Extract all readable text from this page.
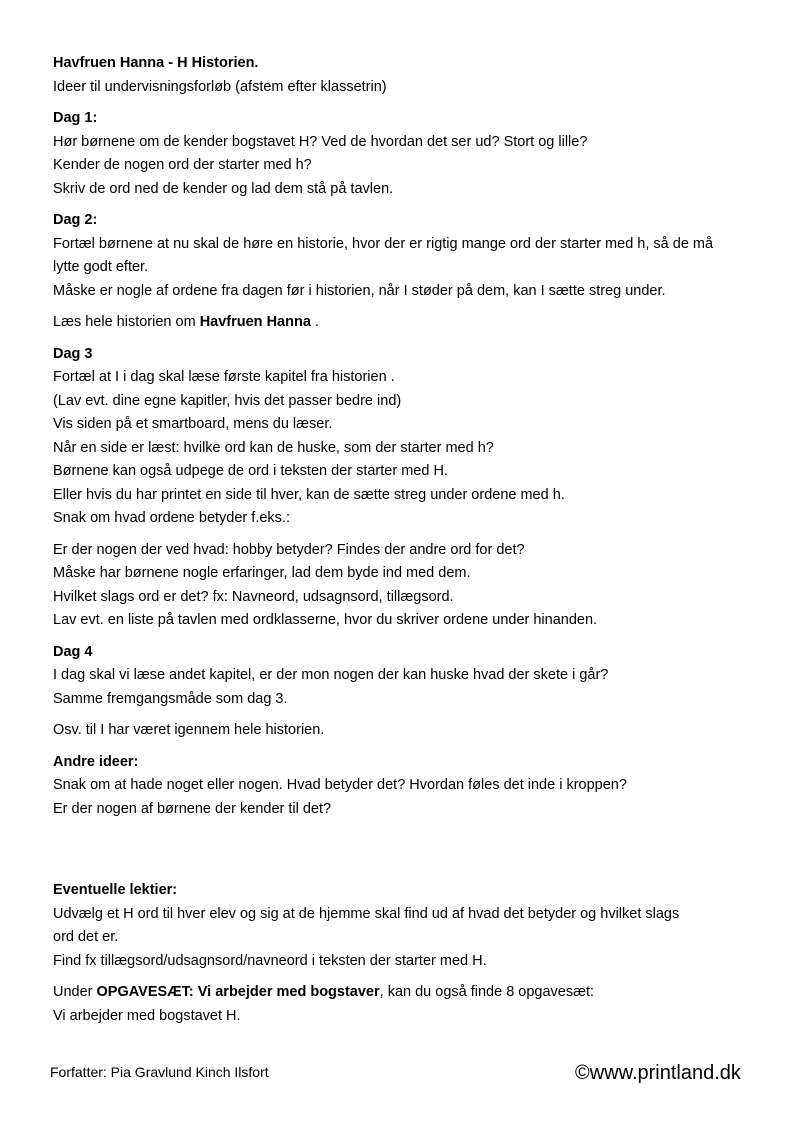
Havfruen Hanna - H Historien.

Ideer til undervisningsforløb (afstem efter klassetrin)

Dag 1:

Hør børnene om de kender bogstavet H? Ved de hvordan det ser ud? Stort og lille?

Kender de nogen ord der starter med h?

Skriv de ord ned de kender og lad dem stå på tavlen.

Dag 2:

Fortæl børnene at nu skal de høre en historie, hvor der er rigtig mange ord der starter med h, så de må

lytte godt efter.

Måske er nogle af ordene fra dagen før i historien, når I støder på dem, kan I sætte streg under.

Læs hele historien om Havfruen Hanna .

Dag 3

Fortæl at I i dag skal læse første kapitel fra historien .

(Lav evt. dine egne kapitler, hvis det passer bedre ind)

Vis siden på et smartboard, mens du læser.

Når en side er læst: hvilke ord kan de huske, som der starter med h?

Børnene kan også udpege de ord i teksten der starter med H.

Eller hvis du har printet en side til hver, kan de sætte streg under ordene med h.

Snak om hvad ordene betyder f.eks.:

Er der nogen der ved hvad: hobby betyder? Findes der andre ord for det?

Måske har børnene nogle erfaringer, lad dem byde ind med dem.

Hvilket slags ord er det? fx: Navneord, udsagnsord, tillægsord.

Lav evt. en liste på tavlen med ordklasserne, hvor du skriver ordene under hinanden.

Dag 4

I dag skal vi læse andet kapitel, er der mon nogen der kan huske hvad der skete i går?

Samme fremgangsmåde som dag 3.

Osv. til I har været igennem hele historien.

Andre ideer:

Snak om at hade noget eller nogen. Hvad betyder det? Hvordan føles det inde i kroppen?

Er der nogen af børnene der kender til det?

Eventuelle lektier:

Udvælg et H ord til hver elev og sig at de hjemme skal find ud af hvad det betyder og hvilket slags

ord det er.

Find fx tillægsord/udsagnsord/navneord i teksten der starter med H.

Under OPGAVESÆT: Vi arbejder med bogstaver, kan du også finde 8 opgavesæt:

Vi arbejder med bogstavet H.

Forfatter: Pia Gravlund Kinch Ilsfort	©www.printland.dk
